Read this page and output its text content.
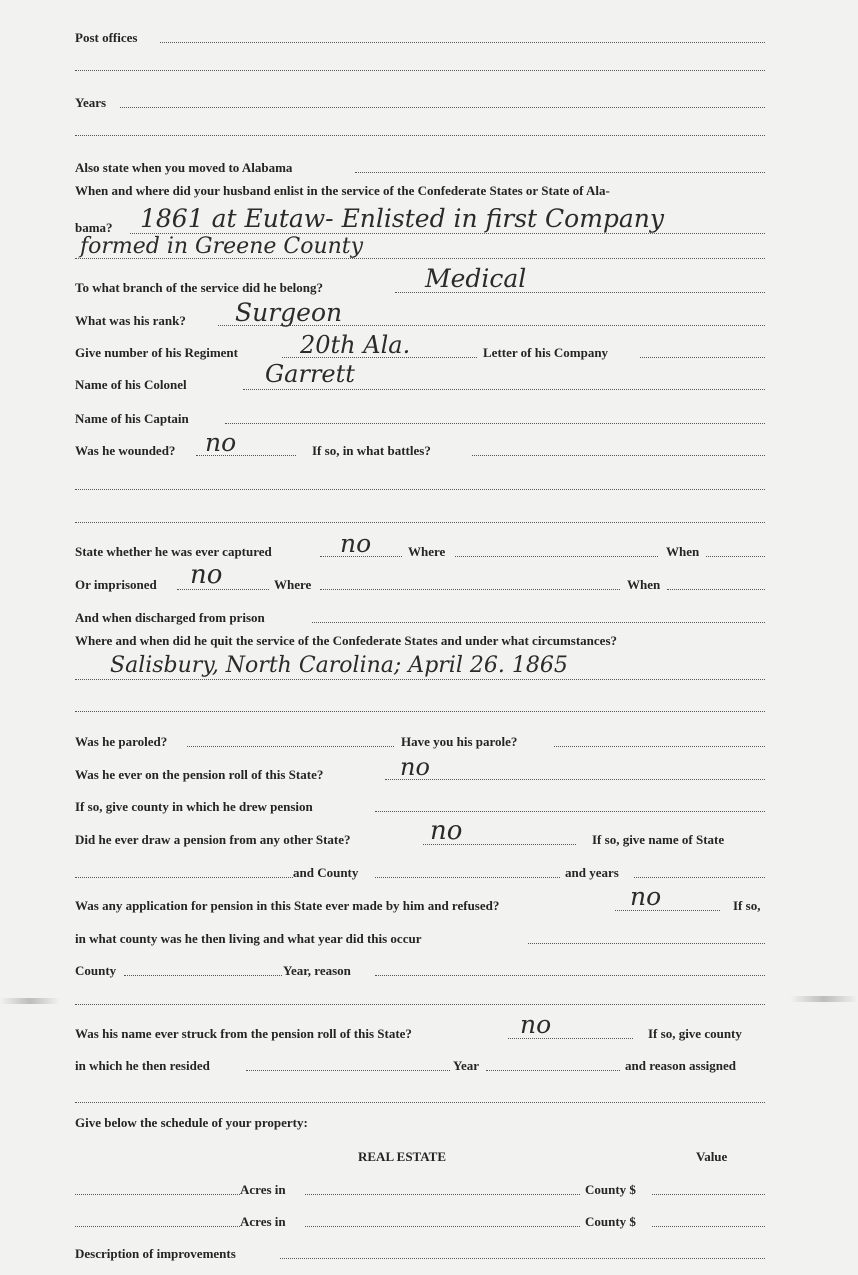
Post offices
Years
Also state when you moved to Alabama
When and where did your husband enlist in the service of the Confederate States or State of Ala-
bama? 1861 at Eutaw- Enlisted in first Company
formed in Greene County
To what branch of the service did he belong?	Medical
What was his rank? Surgeon
Give number of his Regiment	20th Ala.	Letter of his Company
Name of his Colonel	Garrett
Name of his Captain
Was he wounded? no	If so, in what battles?
State whether he was ever captured	no	Where	When
Or imprisoned no	Where	When
And when discharged from prison
Where and when did he quit the service of the Confederate States and under what circumstances?
Salisbury, North Carolina; April 26. 1865
Was he paroled?	Have you his parole?
Was he ever on the pension roll of this State?	no
If so, give county in which he drew pension
Did he ever draw a pension from any other State?	no	If so, give name of State
and County	and years
Was any application for pension in this State ever made by him and refused?	no	If so,
in what county was he then living and what year did this occur
County	Year, reason
Was his name ever struck from the pension roll of this State?	no	If so, give county
in which he then resided	Year	and reason assigned
Give below the schedule of your property:
REAL ESTATE	Value
Acres in	County $
Acres in	County $
Description of improvements
